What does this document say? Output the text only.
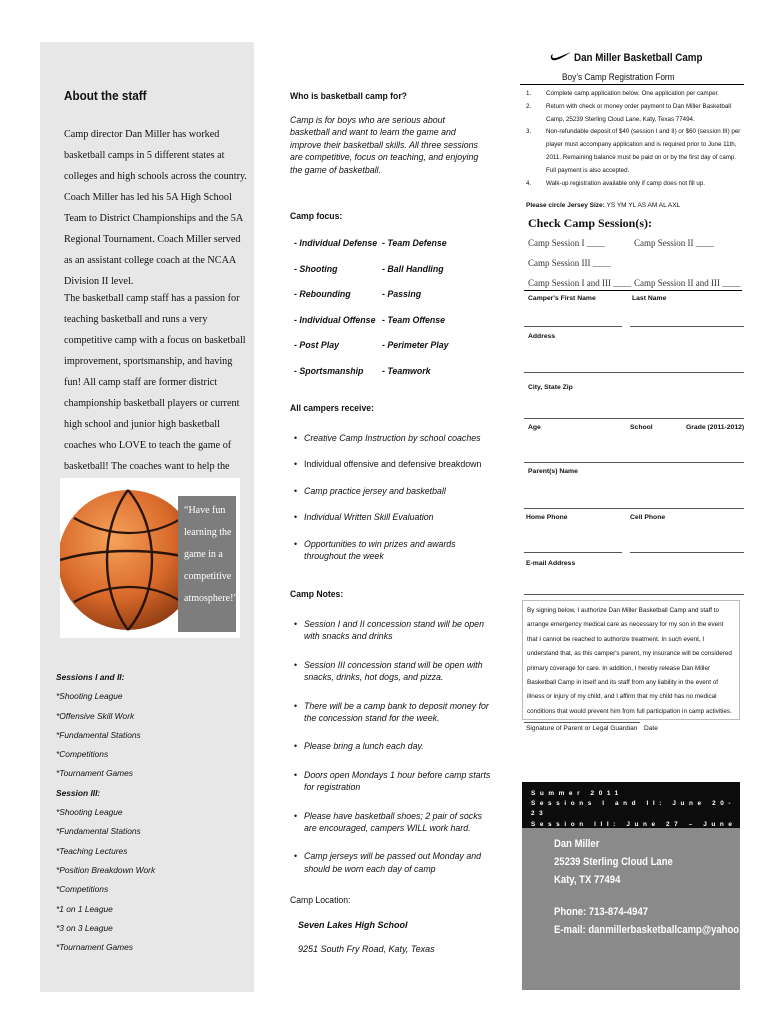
About the staff
Camp director Dan Miller has worked basketball camps in 5 different states at colleges and high schools across the country. Coach Miller has led his 5A High School Team to District Championships and the 5A Regional Tournament. Coach Miller served as an assistant college coach at the NCAA Division II level.
The basketball camp staff has a passion for teaching basketball and runs a very competitive camp with a focus on basketball improvement, sportsmanship, and having fun! All camp staff are former district championship basketball players or current high school and junior high basketball coaches who LOVE to teach the game of basketball! The coaches want to help the
“Have fun learning the game in a competitive atmosphere!”
Sessions I and II:
*Shooting League
*Offensive Skill Work
*Fundamental Stations
*Competitions
*Tournament Games
Session III:
*Shooting League
*Fundamental Stations
*Teaching Lectures
*Position Breakdown Work
*Competitions
*1 on 1 League
*3 on 3 League
*Tournament Games
Who is basketball camp for?
Camp is for boys who are serious about basketball and want to learn the game and improve their basketball skills. All three sessions are competitive, focus on teaching, and enjoying the game of basketball.
Camp focus:
- Individual Defense - Team Defense
- Shooting	- Ball Handling
- Rebounding	- Passing
- Individual Offense - Team Offense
- Post Play	- Perimeter Play
- Sportsmanship	- Teamwork
All campers receive:
• Creative Camp Instruction by school coaches
• Individual offensive and defensive breakdown
• Camp practice jersey and basketball
• Individual Written Skill Evaluation
• Opportunities to win prizes and awards throughout the week
Camp Notes:
• Session I and II concession stand will be open with snacks and drinks
• Session III concession stand will be open with snacks, drinks, hot dogs, and pizza.
• There will be a camp bank to deposit money for the concession stand for the week.
• Please bring a lunch each day.
• Doors open Mondays 1 hour before camp starts for registration
• Please have basketball shoes; 2 pair of socks are encouraged, campers WILL work hard.
• Camp jerseys will be passed out Monday and should be worn each day of camp
Camp Location:
Seven Lakes High School
9251 South Fry Road, Katy, Texas
Dan Miller Basketball Camp
Boy’s Camp Registration Form
1.	Complete camp application below. One application per camper.
2.	Return with check or money order payment to Dan Miller Basketball Camp, 25239 Sterling Cloud Lane, Katy, Texas 77494.
3.	Non-refundable deposit of $40 (session I and II) or $60 (session III) per player must accompany application and is required prior to June 11th, 2011. Remaining balance must be paid on or by the first day of camp. Full payment is also accepted.
4.	Walk-up registration available only if camp does not fill up.
Please circle Jersey Size: YS YM YL AS AM AL AXL
Check Camp Session(s):
Camp Session I ____	Camp Session II ____
Camp Session III ____
Camp Session I and III ____ Camp Session II and III ____
Camper's First Name	Last Name
Address
City, State Zip
Age	School	Grade (2011-2012)
Parent(s) Name
Home Phone	Cell Phone
E-mail Address
By signing below, I authorize Dan Miller Basketball Camp and staff to arrange emergency medical care as necessary for my son in the event that I cannot be reached to authorize treatment. In such event, I understand that, as this camper's parent, my insurance will be considered primary coverage for care. In addition, I hereby release Dan Miller Basketball Camp in itself and its staff from any liability in the event of illness or injury of my child, and I affirm that my child has no medical conditions that would prevent him from full participation in camp activities.
Signature of Parent or Legal Guardian Date
Summer 2011
Sessions I and II: June 20- 23
Session III: June 27 – June
Dan Miller
25239 Sterling Cloud Lane
Katy, TX 77494
Phone: 713-874-4947
E-mail: danmillerbasketballcamp@yahoo.com
